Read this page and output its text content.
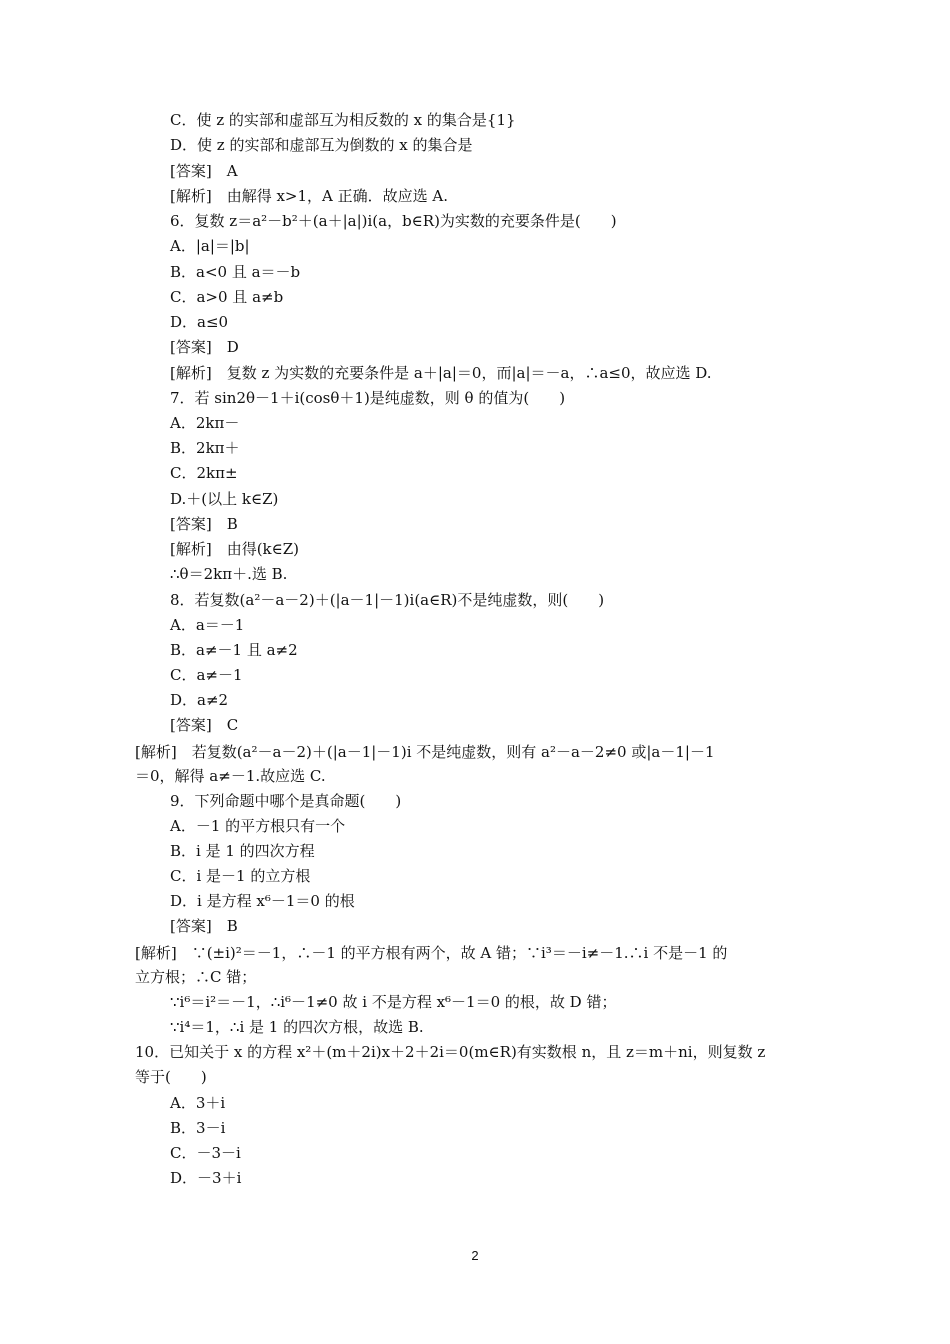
C．使 z 的实部和虚部互为相反数的 x 的集合是{1}
D．使 z 的实部和虚部互为倒数的 x 的集合是
[答案]　A
[解析]　由解得 x>1，A 正确．故应选 A.
6．复数 z＝a²－b²＋(a＋|a|)i(a，b∈R)为实数的充要条件是(　　)
A．|a|＝|b|
B．a<0 且 a＝－b
C．a>0 且 a≠b
D．a≤0
[答案]　D
[解析]　复数 z 为实数的充要条件是 a＋|a|＝0，而|a|＝－a，∴a≤0，故应选 D.
7．若 sin2θ－1＋i(cosθ＋1)是纯虚数，则 θ 的值为(　　)
A．2kπ－
B．2kπ＋
C．2kπ±
D.＋(以上 k∈Z)
[答案]　B
[解析]　由得(k∈Z)
∴θ＝2kπ＋.选 B.
8．若复数(a²－a－2)＋(|a－1|－1)i(a∈R)不是纯虚数，则(　　)
A．a＝－1
B．a≠－1 且 a≠2
C．a≠－1
D．a≠2
[答案]　C
[解析]　若复数(a²－a－2)＋(|a－1|－1)i 不是纯虚数，则有 a²－a－2≠0 或|a－1|－1
＝0，解得 a≠－1.故应选 C.
9．下列命题中哪个是真命题(　　)
A．－1 的平方根只有一个
B．i 是 1 的四次方程
C．i 是－1 的立方根
D．i 是方程 x⁶－1＝0 的根
[答案]　B
[解析]　∵(±i)²＝－1，∴－1 的平方根有两个，故 A 错；∵i³＝－i≠－1.∴i 不是－1 的
立方根；∴C 错；
∵i⁶＝i²＝－1，∴i⁶－1≠0 故 i 不是方程 x⁶－1＝0 的根，故 D 错；
∵i⁴＝1，∴i 是 1 的四次方根，故选 B.
10．已知关于 x 的方程 x²＋(m＋2i)x＋2＋2i＝0(m∈R)有实数根 n，且 z＝m＋ni，则复数 z
等于(　　)
A．3＋i
B．3－i
C．－3－i
D．－3＋i
2
